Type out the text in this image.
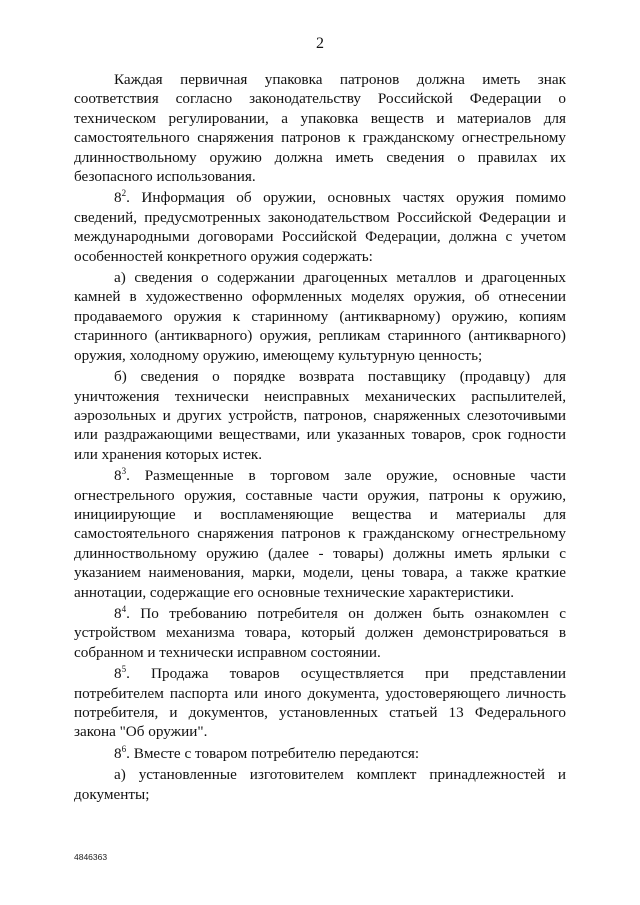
2

Каждая первичная упаковка патронов должна иметь знак соответствия согласно законодательству Российской Федерации о техническом регулировании, а упаковка веществ и материалов для самостоятельного снаряжения патронов к гражданскому огнестрельному длинноствольному оружию должна иметь сведения о правилах их безопасного использования.

$8^2$. Информация об оружии, основных частях оружия помимо сведений, предусмотренных законодательством Российской Федерации и международными договорами Российской Федерации, должна с учетом особенностей конкретного оружия содержать:

а) сведения о содержании драгоценных металлов и драгоценных камней в художественно оформленных моделях оружия, об отнесении продаваемого оружия к старинному (антикварному) оружию, копиям старинного (антикварного) оружия, репликам старинного (антикварного) оружия, холодному оружию, имеющему культурную ценность;

б) сведения о порядке возврата поставщику (продавцу) для уничтожения технически неисправных механических распылителей, аэрозольных и других устройств, патронов, снаряженных слезоточивыми или раздражающими веществами, или указанных товаров, срок годности или хранения которых истек.

$8^3$. Размещенные в торговом зале оружие, основные части огнестрельного оружия, составные части оружия, патроны к оружию, инициирующие и воспламеняющие вещества и материалы для самостоятельного снаряжения патронов к гражданскому огнестрельному длинноствольному оружию (далее - товары) должны иметь ярлыки с указанием наименования, марки, модели, цены товара, а также краткие аннотации, содержащие его основные технические характеристики.

$8^4$. По требованию потребителя он должен быть ознакомлен с устройством механизма товара, который должен демонстрироваться в собранном и технически исправном состоянии.

$8^5$. Продажа товаров осуществляется при представлении потребителем паспорта или иного документа, удостоверяющего личность потребителя, и документов, установленных статьей 13 Федерального закона "Об оружии".

$8^6$. Вместе с товаром потребителю передаются:

а) установленные изготовителем комплект принадлежностей и документы;

4846363
